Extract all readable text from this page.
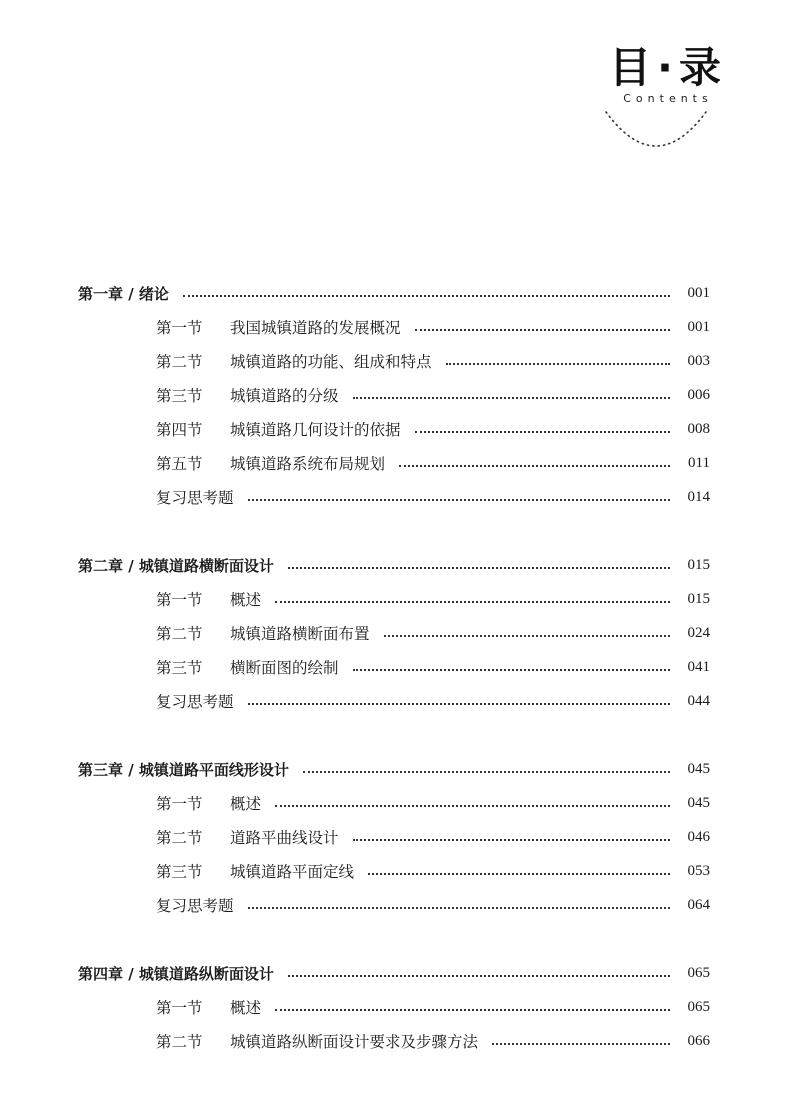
目·录
Contents
第一章 / 绪论	001
第一节 我国城镇道路的发展概况	001
第二节 城镇道路的功能、组成和特点	003
第三节 城镇道路的分级	006
第四节 城镇道路几何设计的依据	008
第五节 城镇道路系统布局规划	011
复习思考题	014
第二章 / 城镇道路横断面设计	015
第一节 概述	015
第二节 城镇道路横断面布置	024
第三节 横断面图的绘制	041
复习思考题	044
第三章 / 城镇道路平面线形设计	045
第一节 概述	045
第二节 道路平曲线设计	046
第三节 城镇道路平面定线	053
复习思考题	064
第四章 / 城镇道路纵断面设计	065
第一节 概述	065
第二节 城镇道路纵断面设计要求及步骤方法	066
